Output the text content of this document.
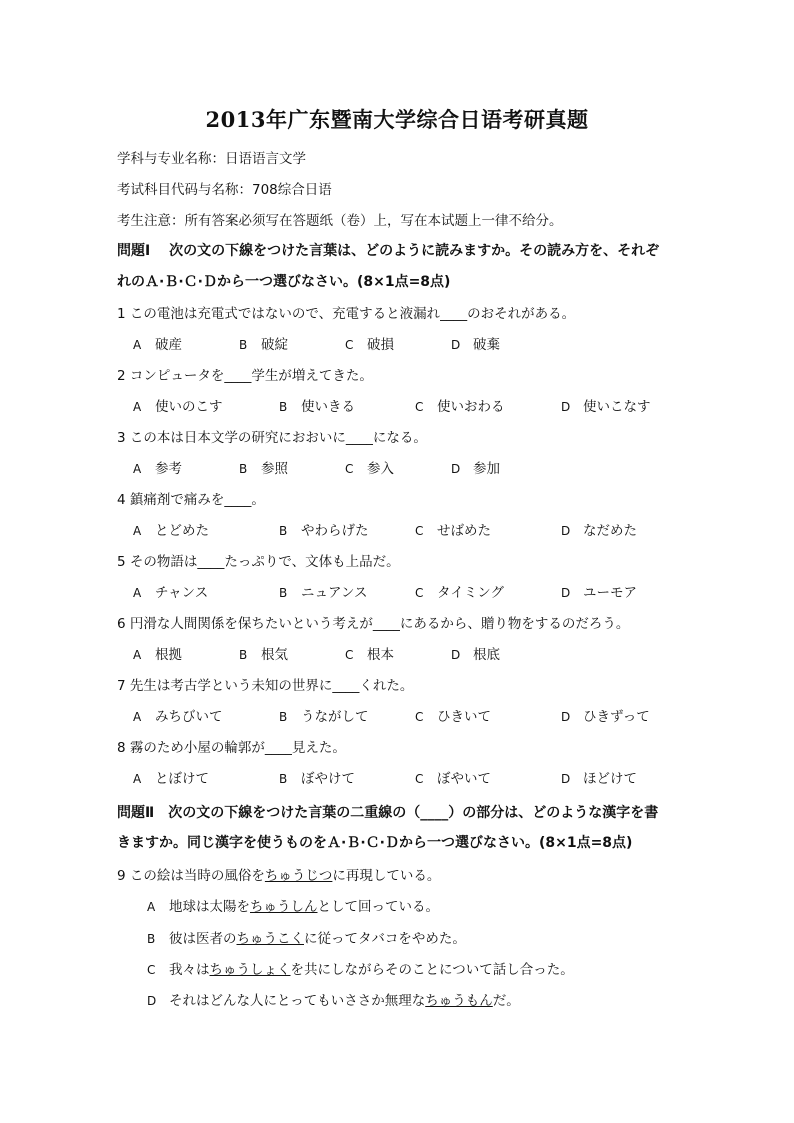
2013年广东暨南大学综合日语考研真题
学科与专业名称：日语语言文学
考试科目代码与名称：708综合日语
考生注意：所有答案必须写在答题纸（卷）上，写在本试题上一律不给分。
問題Ⅰ　 次の文の下線をつけた言葉は、どのように読みますか。その読み方を、それぞ
れのＡ·Ｂ·Ｃ·Ｄから一つ選びなさい。(8×1点=8点)
1 この電池は充電式ではないので、充電すると液漏れ____のおそれがある。
A 破産	B 破綻	C 破損	D 破棄
2 コンピュータを____学生が増えてきた。
A 使いのこす	B 使いきる	C 使いおわる	D 使いこなす
3 この本は日本文学の研究におおいに____になる。
A 参考	B 参照	C 参入	D 参加
4 鎮痛剤で痛みを____。
A とどめた	B やわらげた	C せばめた	D なだめた
5 その物語は____たっぷりで、文体も上品だ。
A チャンス	B ニュアンス	C タイミング	D ユーモア
6 円滑な人間関係を保ちたいという考えが____にあるから、贈り物をするのだろう。
A 根拠	B 根気	C 根本	D 根底
7 先生は考古学という未知の世界に____くれた。
A みちびいて	B うながして	C ひきいて	D ひきずって
8 霧のため小屋の輪郭が____見えた。
A とぼけて	B ぼやけて	C ぼやいて	D ほどけて
問題Ⅱ　次の文の下線をつけた言葉の二重線の（____）の部分は、どのような漢字を書
きますか。同じ漢字を使うものをＡ·Ｂ·Ｃ·Ｄから一つ選びなさい。(8×1点=8点)
9 この絵は当時の風俗をちゅうじつに再現している。
A 地球は太陽をちゅうしんとして回っている。
B 彼は医者のちゅうこくに従ってタバコをやめた。
C 我々はちゅうしょくを共にしながらそのことについて話し合った。
D それはどんな人にとってもいささか無理なちゅうもんだ。
